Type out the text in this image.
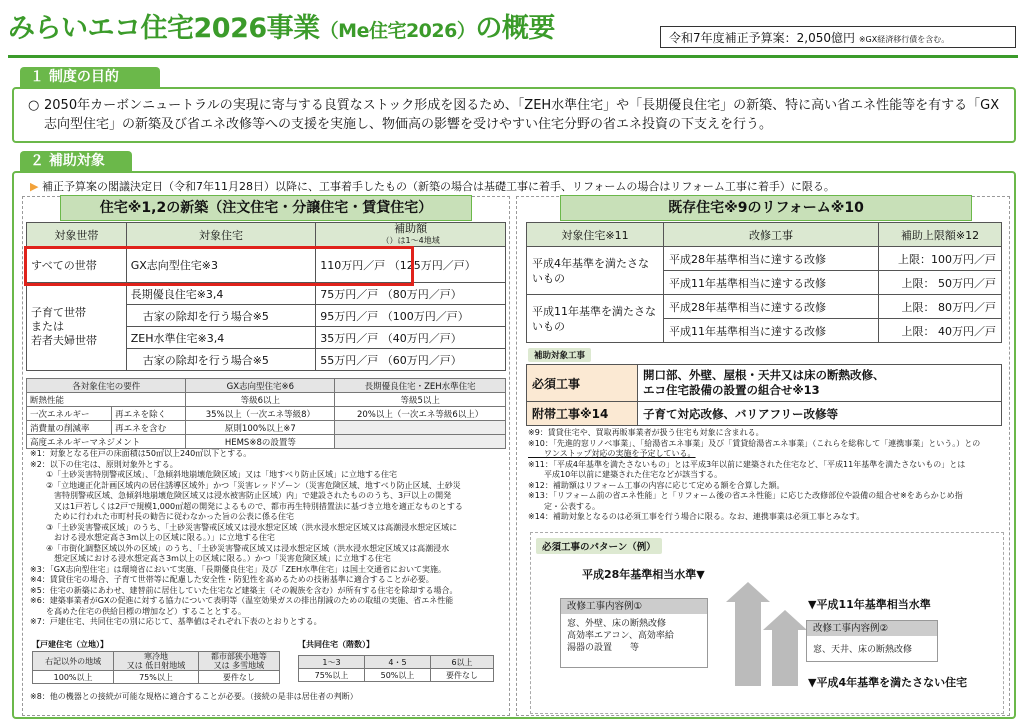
みらいエコ住宅2026事業（Me住宅2026）の概要	令和7年度補正予算案：2,050億円 ※GX経済移行債を含む。
１ 制度の目的
○ 2050年カーボンニュートラルの実現に寄与する良質なストック形成を図るため、「ZEH水準住宅」や「長期優良住宅」の新築、特に高い省エネ性能等を有する「GX志向型住宅」の新築及び省エネ改修等への支援を実施し、物価高の影響を受けやすい住宅分野の省エネ投資の下支えを行う。
２ 補助対象
▶ 補正予算案の閣議決定日（令和7年11月28日）以降に、工事着手したもの（新築の場合は基礎工事に着手、リフォームの場合はリフォーム工事に着手）に限る。
住宅※1,2の新築（注文住宅・分譲住宅・賃貸住宅）
対象世帯	対象住宅	補助額
（）は1～4地域
すべての世帯	GX志向型住宅※3	110万円／戸 （125万円／戸）
子育て世帯
または
若者夫婦世帯	長期優良住宅※3,4	75万円／戸 （80万円／戸）
	古家の除却を行う場合※5	95万円／戸 （100万円／戸）
	ZEH水準住宅※3,4	35万円／戸 （40万円／戸）
	古家の除却を行う場合※5	55万円／戸 （60万円／戸）
各対象住宅の要件		GX志向型住宅※6	長期優良住宅・ZEH水準住宅
断熱性能		等級6以上	等級5以上
一次エネルギー	再エネを除く	35%以上（一次エネ等級8）	20%以上（一次エネ等級6以上）
消費量の削減率	再エネを含む	原則100%以上※7	
高度エネルギーマネジメント		HEMS※8の設置等	
※1：対象となる住戸の床面積は50㎡以上240㎡以下とする。
※2：以下の住宅は、原則対象外とする。
　　①「土砂災害特別警戒区域」、「急傾斜地崩壊危険区域」又は「地すべり防止区域」に立地する住宅
　　②「立地適正化計画区域内の居住誘導区域外」かつ「災害レッドゾーン（災害危険区域、地すべり防止区域、土砂災
　　　害特別警戒区域、急傾斜地崩壊危険区域又は浸水被害防止区域）内」で建設されたもののうち、3戸以上の開発
　　　又は1戸若しくは2戸で規模1,000㎡超の開発によるもので、都市再生特別措置法に基づき立地を適正なものとする
　　　ために行われた市町村長の勧告に従わなかった旨の公表に係る住宅
　　③「土砂災害警戒区域」のうち、「土砂災害警戒区域又は浸水想定区域（洪水浸水想定区域又は高潮浸水想定区域に
　　　おける浸水想定高さ3m以上の区域に限る。）」に立地する住宅
　　④「市街化調整区域以外の区域」のうち、「土砂災害警戒区域又は浸水想定区域（洪水浸水想定区域又は高潮浸水
　　　想定区域における浸水想定高さ3m以上の区域に限る。）かつ「災害危険区域」に立地する住宅
※3：「GX志向型住宅」は環境省において実施、「長期優良住宅」及び「ZEH水準住宅」は国土交通省において実施。
※4：賃貸住宅の場合、子育て世帯等に配慮した安全性・防犯性を高めるための技術基準に適合することが必要。
※5：住宅の新築にあわせ、建替前に居住していた住宅など建築主（その親族を含む）が所有する住宅を除却する場合。
※6：建築事業者がGXの促進に対する協力について表明等（温室効果ガスの排出削減のための取組の実施、省エネ性能
　　を高めた住宅の供給目標の増加など）することとする。
※7：戸建住宅、共同住宅の別に応じて、基準値はそれぞれ下表のとおりとする。
【戸建住宅（立地）】
右記以外の地域	寒冷地
又は 低日射地域	都市部狭小地等
又は 多雪地域
100%以上	75%以上	要件なし
【共同住宅（階数）】
1～3	4・5	6以上
75%以上	50%以上	要件なし
※8：他の機器との接続が可能な規格に適合することが必要。（接続の是非は居住者の判断）
既存住宅※9のリフォーム※10
対象住宅※11	改修工事	補助上限額※12
平成4年基準を満たさないもの	平成28年基準相当に達する改修	上限：100万円／戸
	平成11年基準相当に達する改修	上限： 50万円／戸
平成11年基準を満たさないもの	平成28年基準相当に達する改修	上限： 80万円／戸
	平成11年基準相当に達する改修	上限： 40万円／戸
補助対象工事
必須工事	開口部、外壁、屋根・天井又は床の断熱改修、
エコ住宅設備の設置の組合せ※13
附帯工事※14	子育て対応改修、バリアフリー改修等
※9：賃貸住宅や、買取再販事業者が扱う住宅も対象に含まれる。
※10：「先進的窓リノベ事業」、「給湯省エネ事業」及び「賃貸給湯省エネ事業」（これらを総称して「連携事業」という。）との
　　ワンストップ対応の実施を予定している。
※11：「平成4年基準を満たさないもの」とは平成3年以前に建築された住宅など、「平成11年基準を満たさないもの」とは
　　平成10年以前に建築された住宅などが該当する。
※12：補助額はリフォーム工事の内容に応じて定める額を合算した額。
※13：「リフォーム前の省エネ性能」と「リフォーム後の省エネ性能」に応じた改修部位や設備の組合せ※をあらかじめ指
　　定・公表する。
※14：補助対象となるのは必須工事を行う場合に限る。なお、連携事業は必須工事とみなす。
必須工事のパターン（例）
平成28年基準相当水準▼
▼平成11年基準相当水準
▼平成4年基準を満たさない住宅
改修工事内容例①
窓、外壁、床の断熱改修
高効率エアコン、高効率給
湯器の設置　　等
改修工事内容例②
窓、天井、床の断熱改修
